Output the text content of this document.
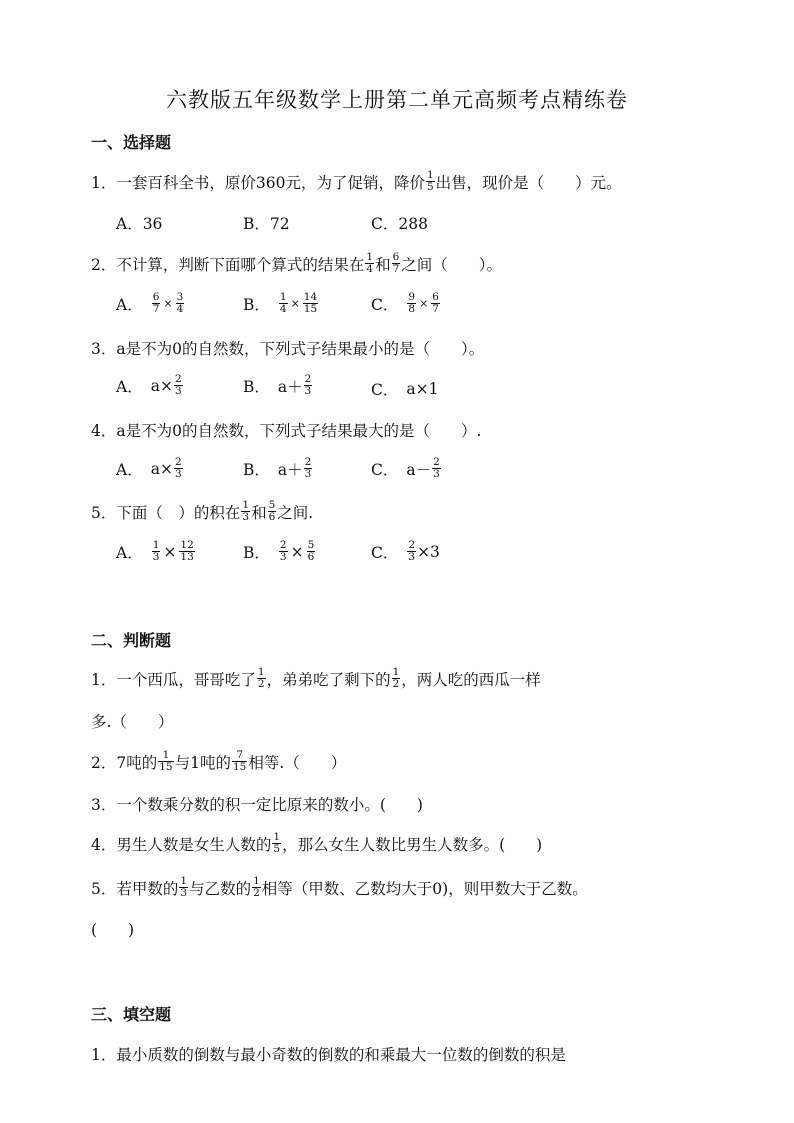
六教版五年级数学上册第二单元高频考点精练卷
一、选择题
1． 一套百科全书，原价360元，为了促销，降价 $\frac{1}{5}$ 出售，现价是（　　）元。
A．36	B．72	C．288
2． 不计算，判断下面哪个算式的结果在 $\frac{1}{4}$ 和 $\frac{6}{7}$ 之间（　　）。
A． $\frac{6}{7} \times \frac{3}{4}$	B． $\frac{1}{4} \times \frac{14}{15}$	C． $\frac{9}{8} \times \frac{6}{7}$
3． a是不为0的自然数，下列式子结果最小的是（　　）。
A． $a\times \frac{2}{3}$	B． $a+ \frac{2}{3}$	C． a×1
4． a是不为0的自然数，下列式子结果最大的是（　　）.
A． $a\times \frac{2}{3}$	B． $a+ \frac{2}{3}$	C． $a- \frac{2}{3}$
5． 下面（　）的积在 $\frac{1}{3}$ 和 $\frac{5}{6}$ 之间.
A． $\frac{1}{3} \times \frac{12}{13}$	B． $\frac{2}{3} \times \frac{5}{6}$	C． $\frac{2}{3} \times 3$
二、判断题
1． 一个西瓜，哥哥吃了 $\frac{1}{2}$ ，弟弟吃了剩下的 $\frac{1}{2}$ ，两人吃的西瓜一样
多.（　　）
2． 7吨的 $\frac{1}{15}$ 与1吨的 $\frac{7}{15}$ 相等.（　　）
3． 一个数乘分数的积一定比原来的数小。(　　)
4． 男生人数是女生人数的 $\frac{1}{5}$ ，那么女生人数比男生人数多。(　　)
5． 若甲数的 $\frac{1}{3}$ 与乙数的 $\frac{1}{2}$ 相等（甲数、乙数均大于0)，则甲数大于乙数。
(　　)
三、填空题
1． 最小质数的倒数与最小奇数的倒数的和乘最大一位数的倒数的积是
